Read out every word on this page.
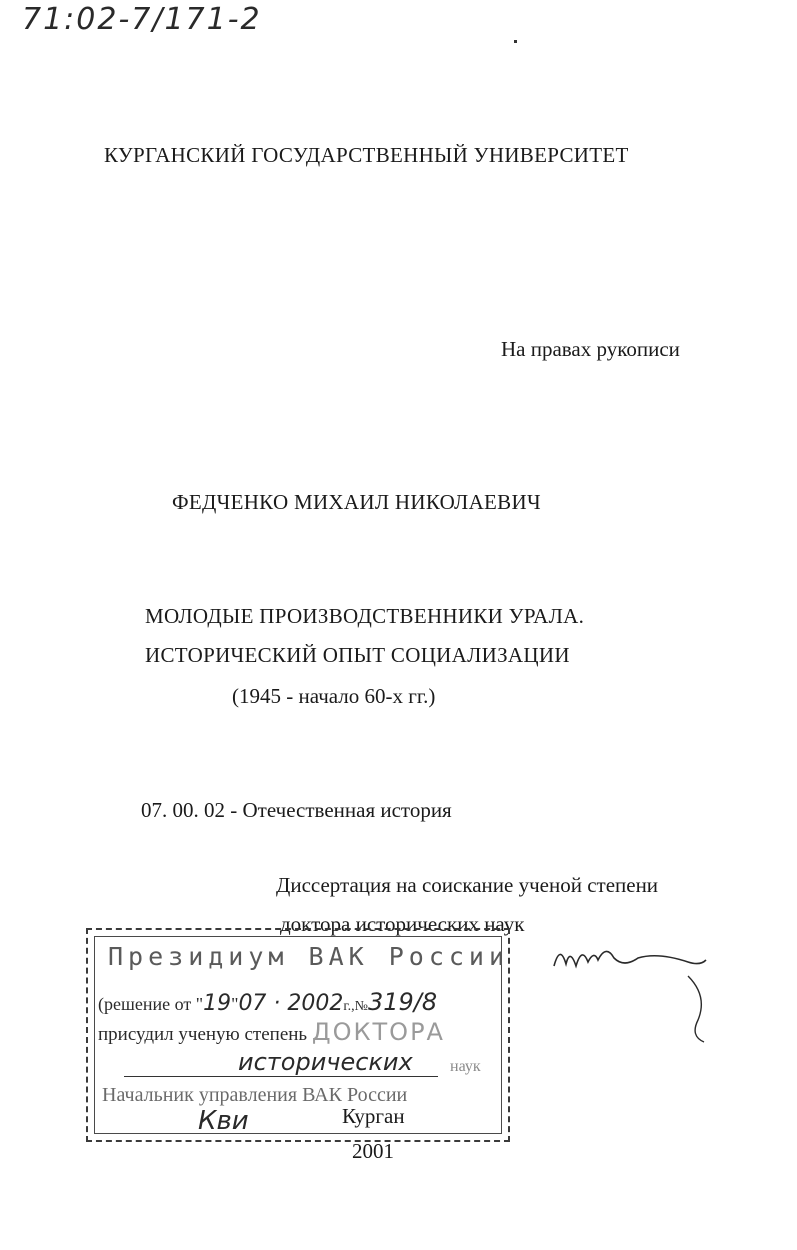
71:02-7/171-2
КУРГАНСКИЙ ГОСУДАРСТВЕННЫЙ УНИВЕРСИТЕТ
На правах рукописи
ФЕДЧЕНКО МИХАИЛ НИКОЛАЕВИЧ
МОЛОДЫЕ ПРОИЗВОДСТВЕННИКИ УРАЛА.
ИСТОРИЧЕСКИЙ ОПЫТ СОЦИАЛИЗАЦИИ
(1945 - начало 60-х гг.)
07. 00. 02 - Отечественная история
Диссертация на соискание ученой степени
доктора исторических наук
Президиум ВАК России
(решение от "19"07 · 2002г.,№319/8
присудил ученую степень ДОКТОРА
исторических наук
Начальник управления ВАК России
Кви	Курган
2001
